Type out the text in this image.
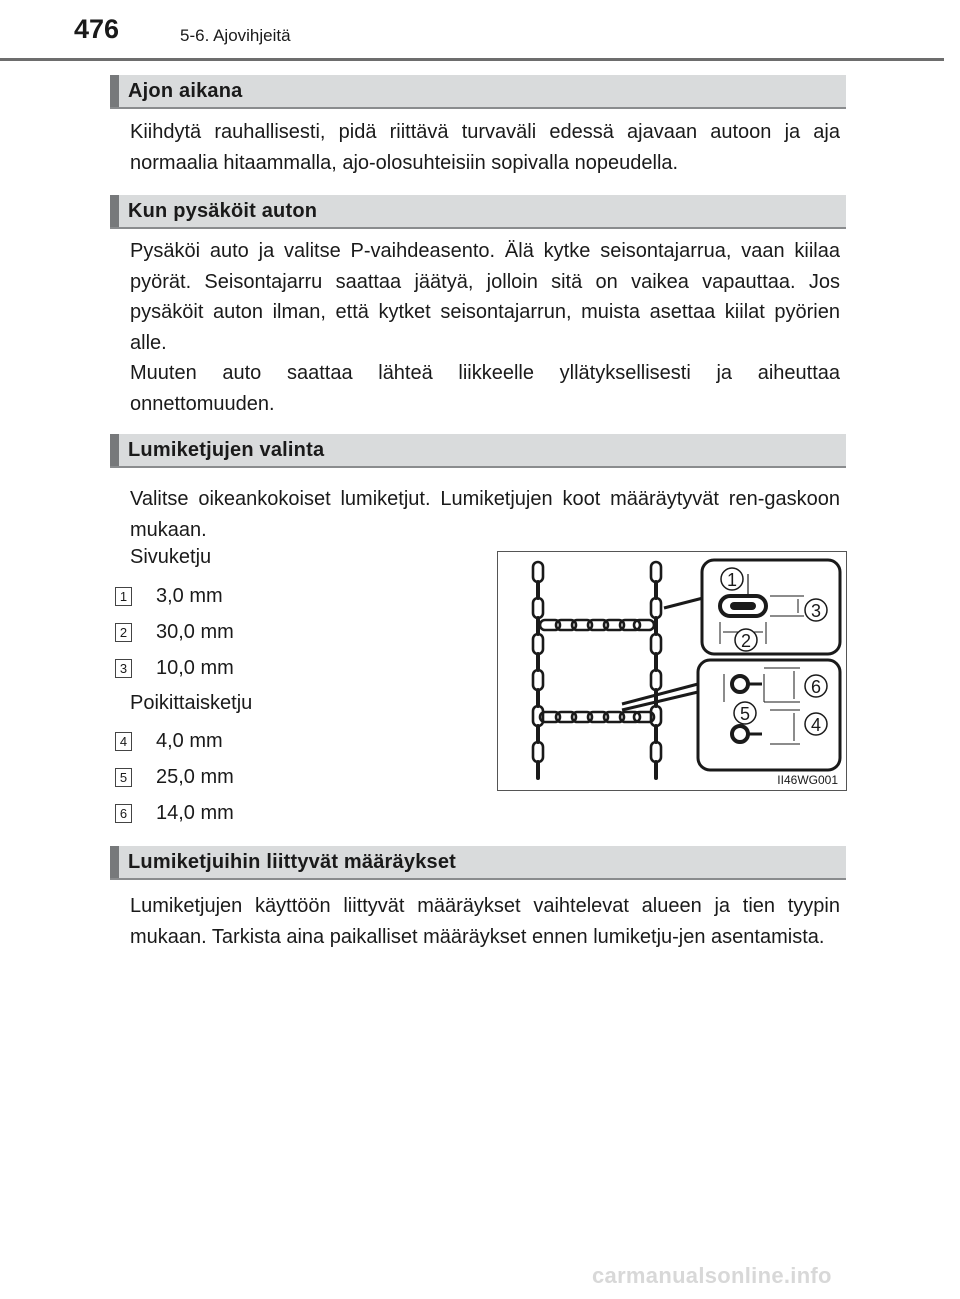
476	5-6. Ajovihjeitä
Ajon aikana
Kiihdytä rauhallisesti, pidä riittävä turvaväli edessä ajavaan autoon ja aja normaalia hitaammalla, ajo-olosuhteisiin sopivalla nopeudella.
Kun pysäköit auton
Pysäköi auto ja valitse P-vaihdeasento. Älä kytke seisontajarrua, vaan kiilaa pyörät. Seisontajarru saattaa jäätyä, jolloin sitä on vaikea vapauttaa. Jos pysäköit auton ilman, että kytket seisontajarrun, muista asettaa kiilat pyörien alle.
Muuten auto saattaa lähteä liikkeelle yllätyksellisesti ja aiheuttaa onnettomuuden.
Lumiketjujen valinta
Valitse oikeankokoiset lumiketjut. Lumiketjujen koot määräytyvät ren-gaskoon mukaan.
Sivuketju
1 3,0 mm
2 30,0 mm
3 10,0 mm
Poikittaisketju
4 4,0 mm
5 25,0 mm
6 14,0 mm
1
2
3
6
5
4
II46WG001
Lumiketjuihin liittyvät määräykset
Lumiketjujen käyttöön liittyvät määräykset vaihtelevat alueen ja tien tyypin mukaan. Tarkista aina paikalliset määräykset ennen lumiketju-jen asentamista.
carmanualsonline.info
